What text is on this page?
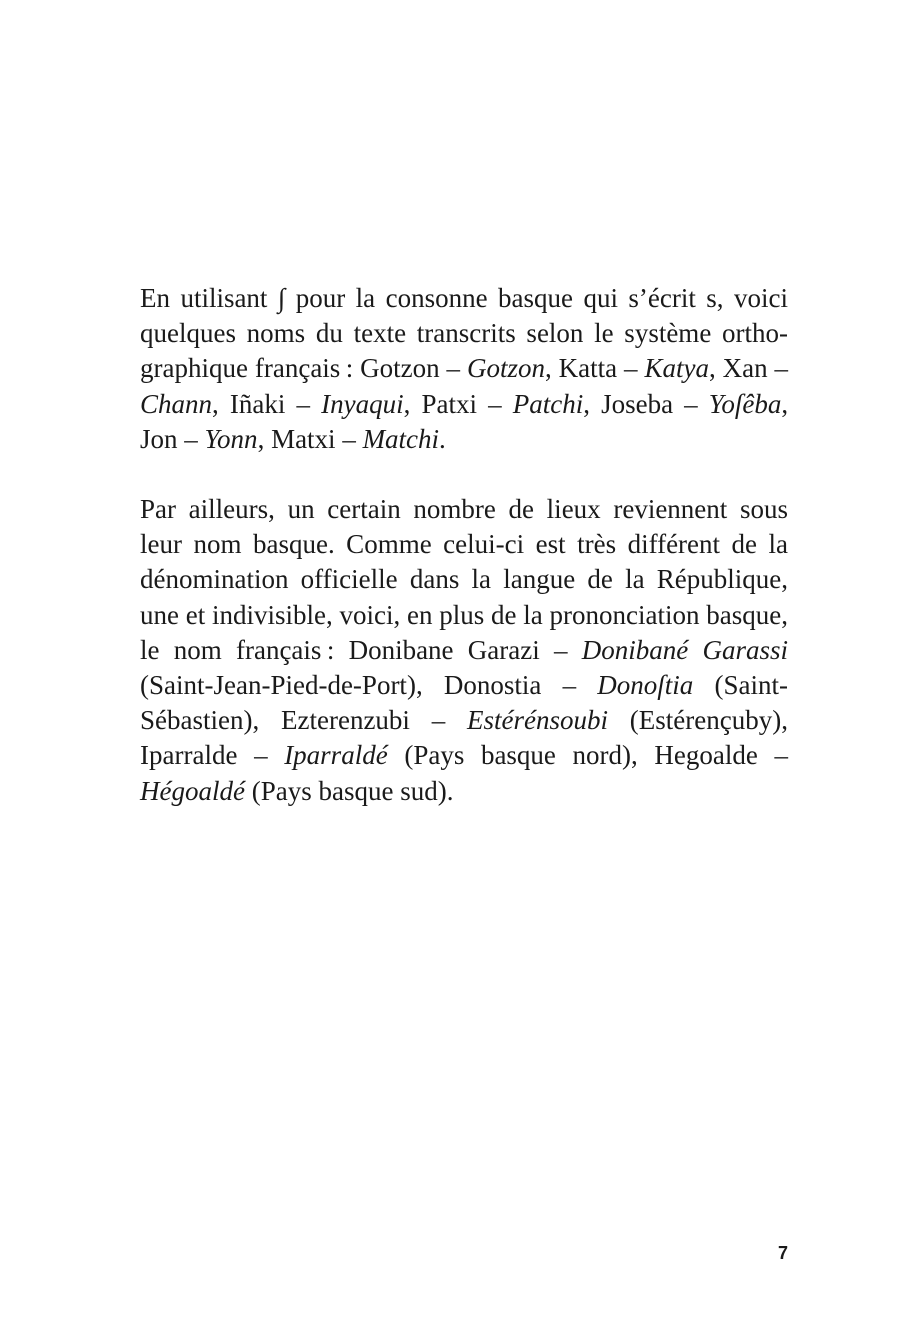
En utilisant ∫ pour la consonne basque qui s’écrit s, voici quelques noms du texte transcrits selon le système orthographique français : Gotzon – Gotzon, Katta – Katya, Xan – Chann, Iñaki – Inyaqui, Patxi – Patchi, Joseba – Yoſêba, Jon – Yonn, Matxi – Matchi.

Par ailleurs, un certain nombre de lieux reviennent sous leur nom basque. Comme celui-ci est très différent de la dénomination officielle dans la langue de la République, une et indivisible, voici, en plus de la prononciation basque, le nom français : Donibane Garazi – Donibané Garassi (Saint-Jean-Pied-de-Port), Donostia – Donoſtia (Saint-Sébastien), Ezterenzubi – Estérénsoubi (Estérençuby), Iparralde – Iparraldé (Pays basque nord), Hegoalde – Hégoaldé (Pays basque sud).

7
